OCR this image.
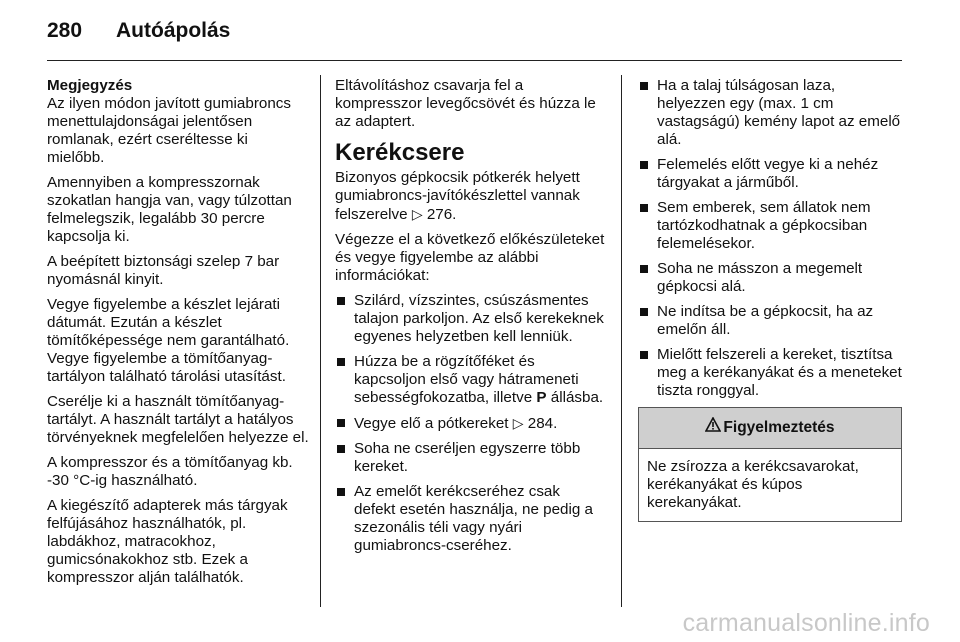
280 Autóápolás

Megjegyzés

Az ilyen módon javított gumiabroncs menettulajdonságai jelentősen romlanak, ezért cseréltesse ki mielőbb.

Amennyiben a kompresszornak szokatlan hangja van, vagy túlzottan felmelegszik, legalább 30 percre kapcsolja ki.

A beépített biztonsági szelep 7 bar nyomásnál kinyit.

Vegye figyelembe a készlet lejárati dátumát. Ezután a készlet tömítőképessége nem garantálható. Vegye figyelembe a tömítőanyag-tartályon található tárolási utasítást.

Cserélje ki a használt tömítőanyag-tartályt. A használt tartályt a hatályos törvényeknek megfelelően helyezze el.

A kompresszor és a tömítőanyag kb. -30 °C-ig használható.

A kiegészítő adapterek más tárgyak felfújásához használhatók, pl. labdákhoz, matracokhoz, gumicsónakokhoz stb. Ezek a kompresszor alján találhatók.

Eltávolításhoz csavarja fel a kompresszor levegőcsövét és húzza le az adaptert.

Kerékcsere

Bizonyos gépkocsik pótkerék helyett gumiabroncs-javítókészlettel vannak felszerelve ▷ 276.

Végezze el a következő előkészületeket és vegye figyelembe az alábbi információkat:

Szilárd, vízszintes, csúszásmentes talajon parkoljon. Az első kerekeknek egyenes helyzetben kell lenniük.
Húzza be a rögzítőféket és kapcsoljon első vagy hátrameneti sebességfokozatba, illetve P állásba.
Vegye elő a pótkereket ▷ 284.
Soha ne cseréljen egyszerre több kereket.
Az emelőt kerékcseréhez csak defekt esetén használja, ne pedig a szezonális téli vagy nyári gumiabroncs-cseréhez.
Ha a talaj túlságosan laza, helyezzen egy (max. 1 cm vastagságú) kemény lapot az emelő alá.
Felemelés előtt vegye ki a nehéz tárgyakat a járműből.
Sem emberek, sem állatok nem tartózkodhatnak a gépkocsiban felemelésekor.
Soha ne másszon a megemelt gépkocsi alá.
Ne indítsa be a gépkocsit, ha az emelőn áll.
Mielőtt felszereli a kereket, tisztítsa meg a kerékanyákat és a meneteket tiszta ronggyal.
Figyelmeztetés

Ne zsírozza a kerékcsavarokat, kerékanyákat és kúpos kerekanyákat.

carmanualsonline.info
